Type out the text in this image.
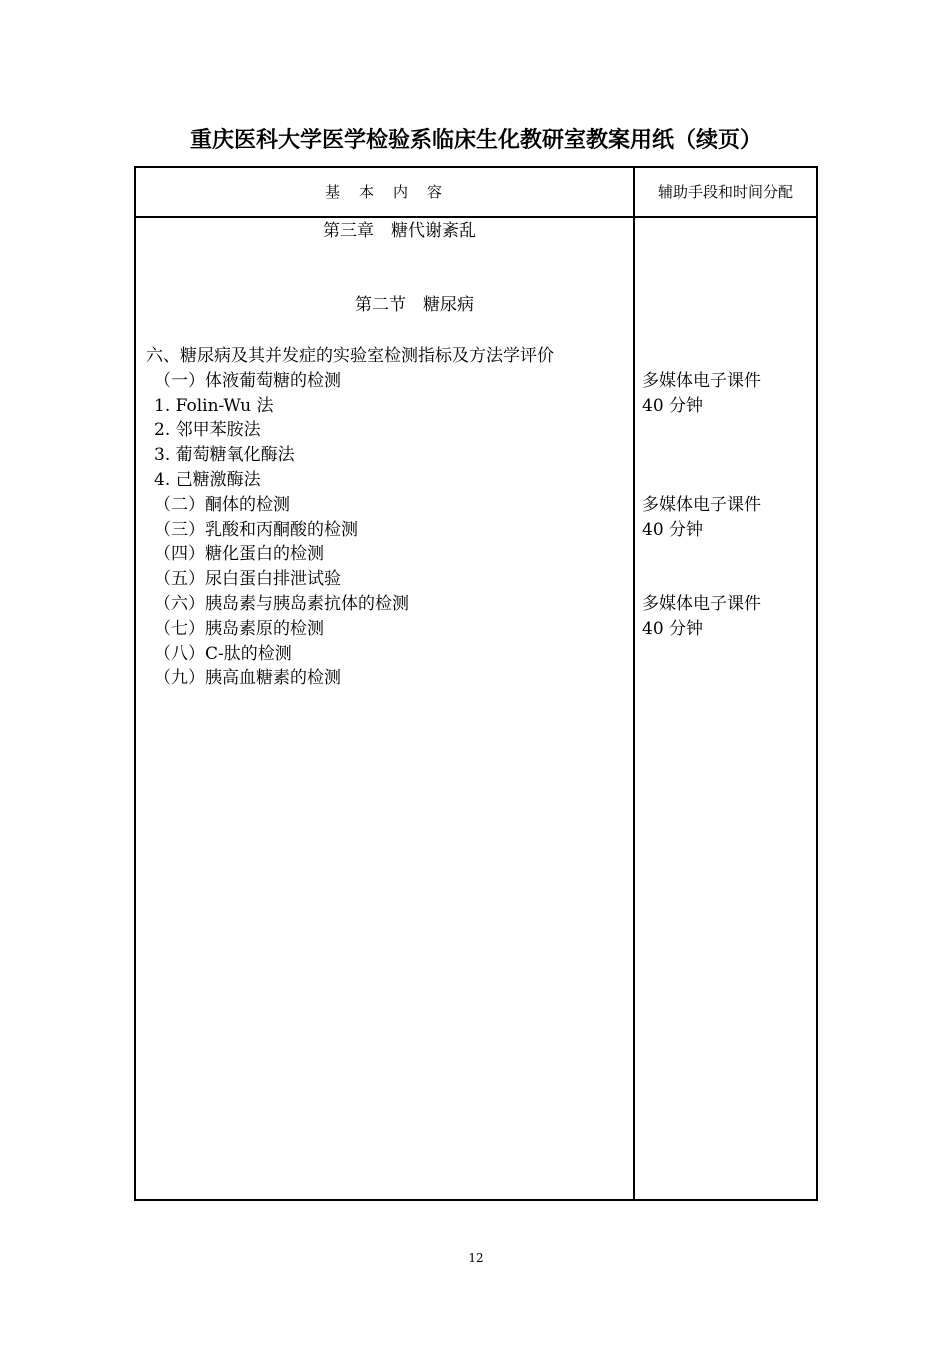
重庆医科大学医学检验系临床生化教研室教案用纸（续页）
基　本　内　容	辅助手段和时间分配
第三章　糖代谢紊乱
第二节　糖尿病
六、糖尿病及其并发症的实验室检测指标及方法学评价
（一）体液葡萄糖的检测
1. Folin-Wu 法
2. 邻甲苯胺法
3. 葡萄糖氧化酶法
4. 己糖激酶法
（二）酮体的检测
（三）乳酸和丙酮酸的检测
（四）糖化蛋白的检测
（五）尿白蛋白排泄试验
（六）胰岛素与胰岛素抗体的检测
（七）胰岛素原的检测
（八）C-肽的检测
（九）胰高血糖素的检测
多媒体电子课件
40 分钟
多媒体电子课件
40 分钟
多媒体电子课件
40 分钟
12
